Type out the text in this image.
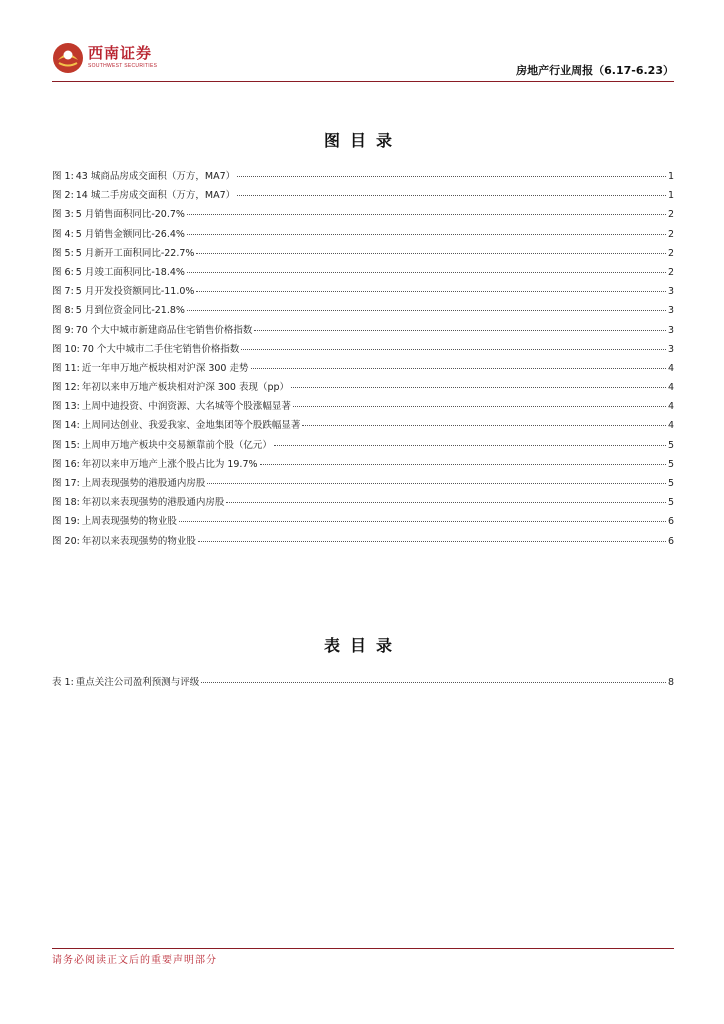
西南证券
SOUTHWEST SECURITIES	房地产行业周报（6.17-6.23）
图目录
图 1: 43 城商品房成交面积（万方，MA7）	1
图 2: 14 城二手房成交面积（万方，MA7）	1
图 3: 5 月销售面积同比-20.7%	2
图 4: 5 月销售金额同比-26.4%	2
图 5: 5 月新开工面积同比-22.7%	2
图 6: 5 月竣工面积同比-18.4%	2
图 7: 5 月开发投资额同比-11.0%	3
图 8: 5 月到位资金同比-21.8%	3
图 9: 70 个大中城市新建商品住宅销售价格指数	3
图 10: 70 个大中城市二手住宅销售价格指数	3
图 11: 近一年申万地产板块相对沪深 300 走势	4
图 12: 年初以来申万地产板块相对沪深 300 表现（pp）	4
图 13: 上周中迪投资、中润资源、大名城等个股涨幅显著	4
图 14: 上周同达创业、我爱我家、金地集团等个股跌幅显著	4
图 15: 上周申万地产板块中交易额靠前个股（亿元）	5
图 16: 年初以来申万地产上涨个股占比为 19.7%	5
图 17: 上周表现强势的港股通内房股	5
图 18: 年初以来表现强势的港股通内房股	5
图 19: 上周表现强势的物业股	6
图 20: 年初以来表现强势的物业股	6
表目录
表 1: 重点关注公司盈利预测与评级	8
请务必阅读正文后的重要声明部分
